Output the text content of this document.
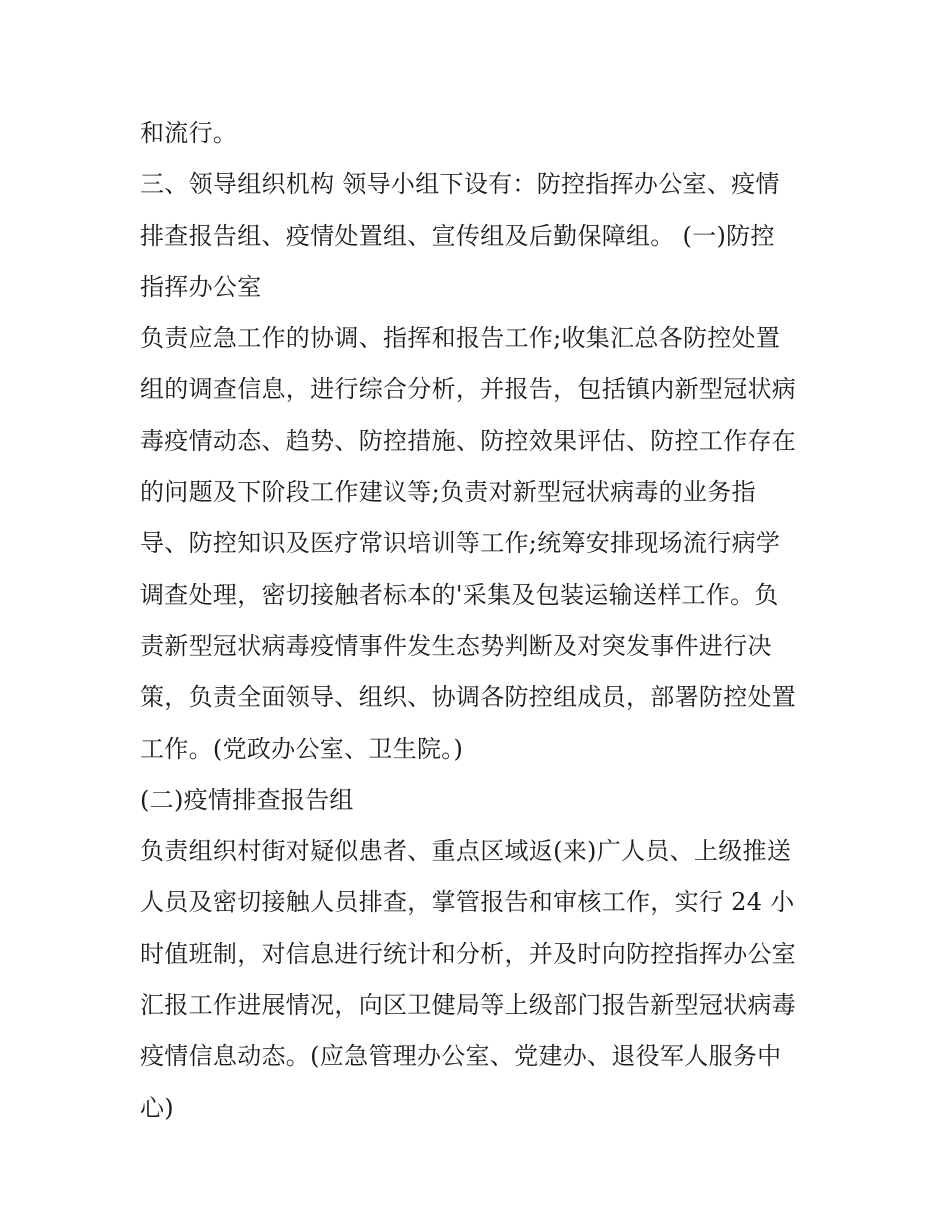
和流行。
三、领导组织机构 领导小组下设有：防控指挥办公室、疫情
排查报告组、疫情处置组、宣传组及后勤保障组。 (一)防控
指挥办公室
负责应急工作的协调、指挥和报告工作;收集汇总各防控处置
组的调查信息，进行综合分析，并报告，包括镇内新型冠状病
毒疫情动态、趋势、防控措施、防控效果评估、防控工作存在
的问题及下阶段工作建议等;负责对新型冠状病毒的业务指
导、防控知识及医疗常识培训等工作;统筹安排现场流行病学
调查处理，密切接触者标本的'采集及包装运输送样工作。负
责新型冠状病毒疫情事件发生态势判断及对突发事件进行决
策，负责全面领导、组织、协调各防控组成员，部署防控处置
工作。(党政办公室、卫生院。)
(二)疫情排查报告组
负责组织村街对疑似患者、重点区域返(来)广人员、上级推送
人员及密切接触人员排查，掌管报告和审核工作，实行 24 小
时值班制，对信息进行统计和分析，并及时向防控指挥办公室
汇报工作进展情况，向区卫健局等上级部门报告新型冠状病毒
疫情信息动态。(应急管理办公室、党建办、退役军人服务中
心)
